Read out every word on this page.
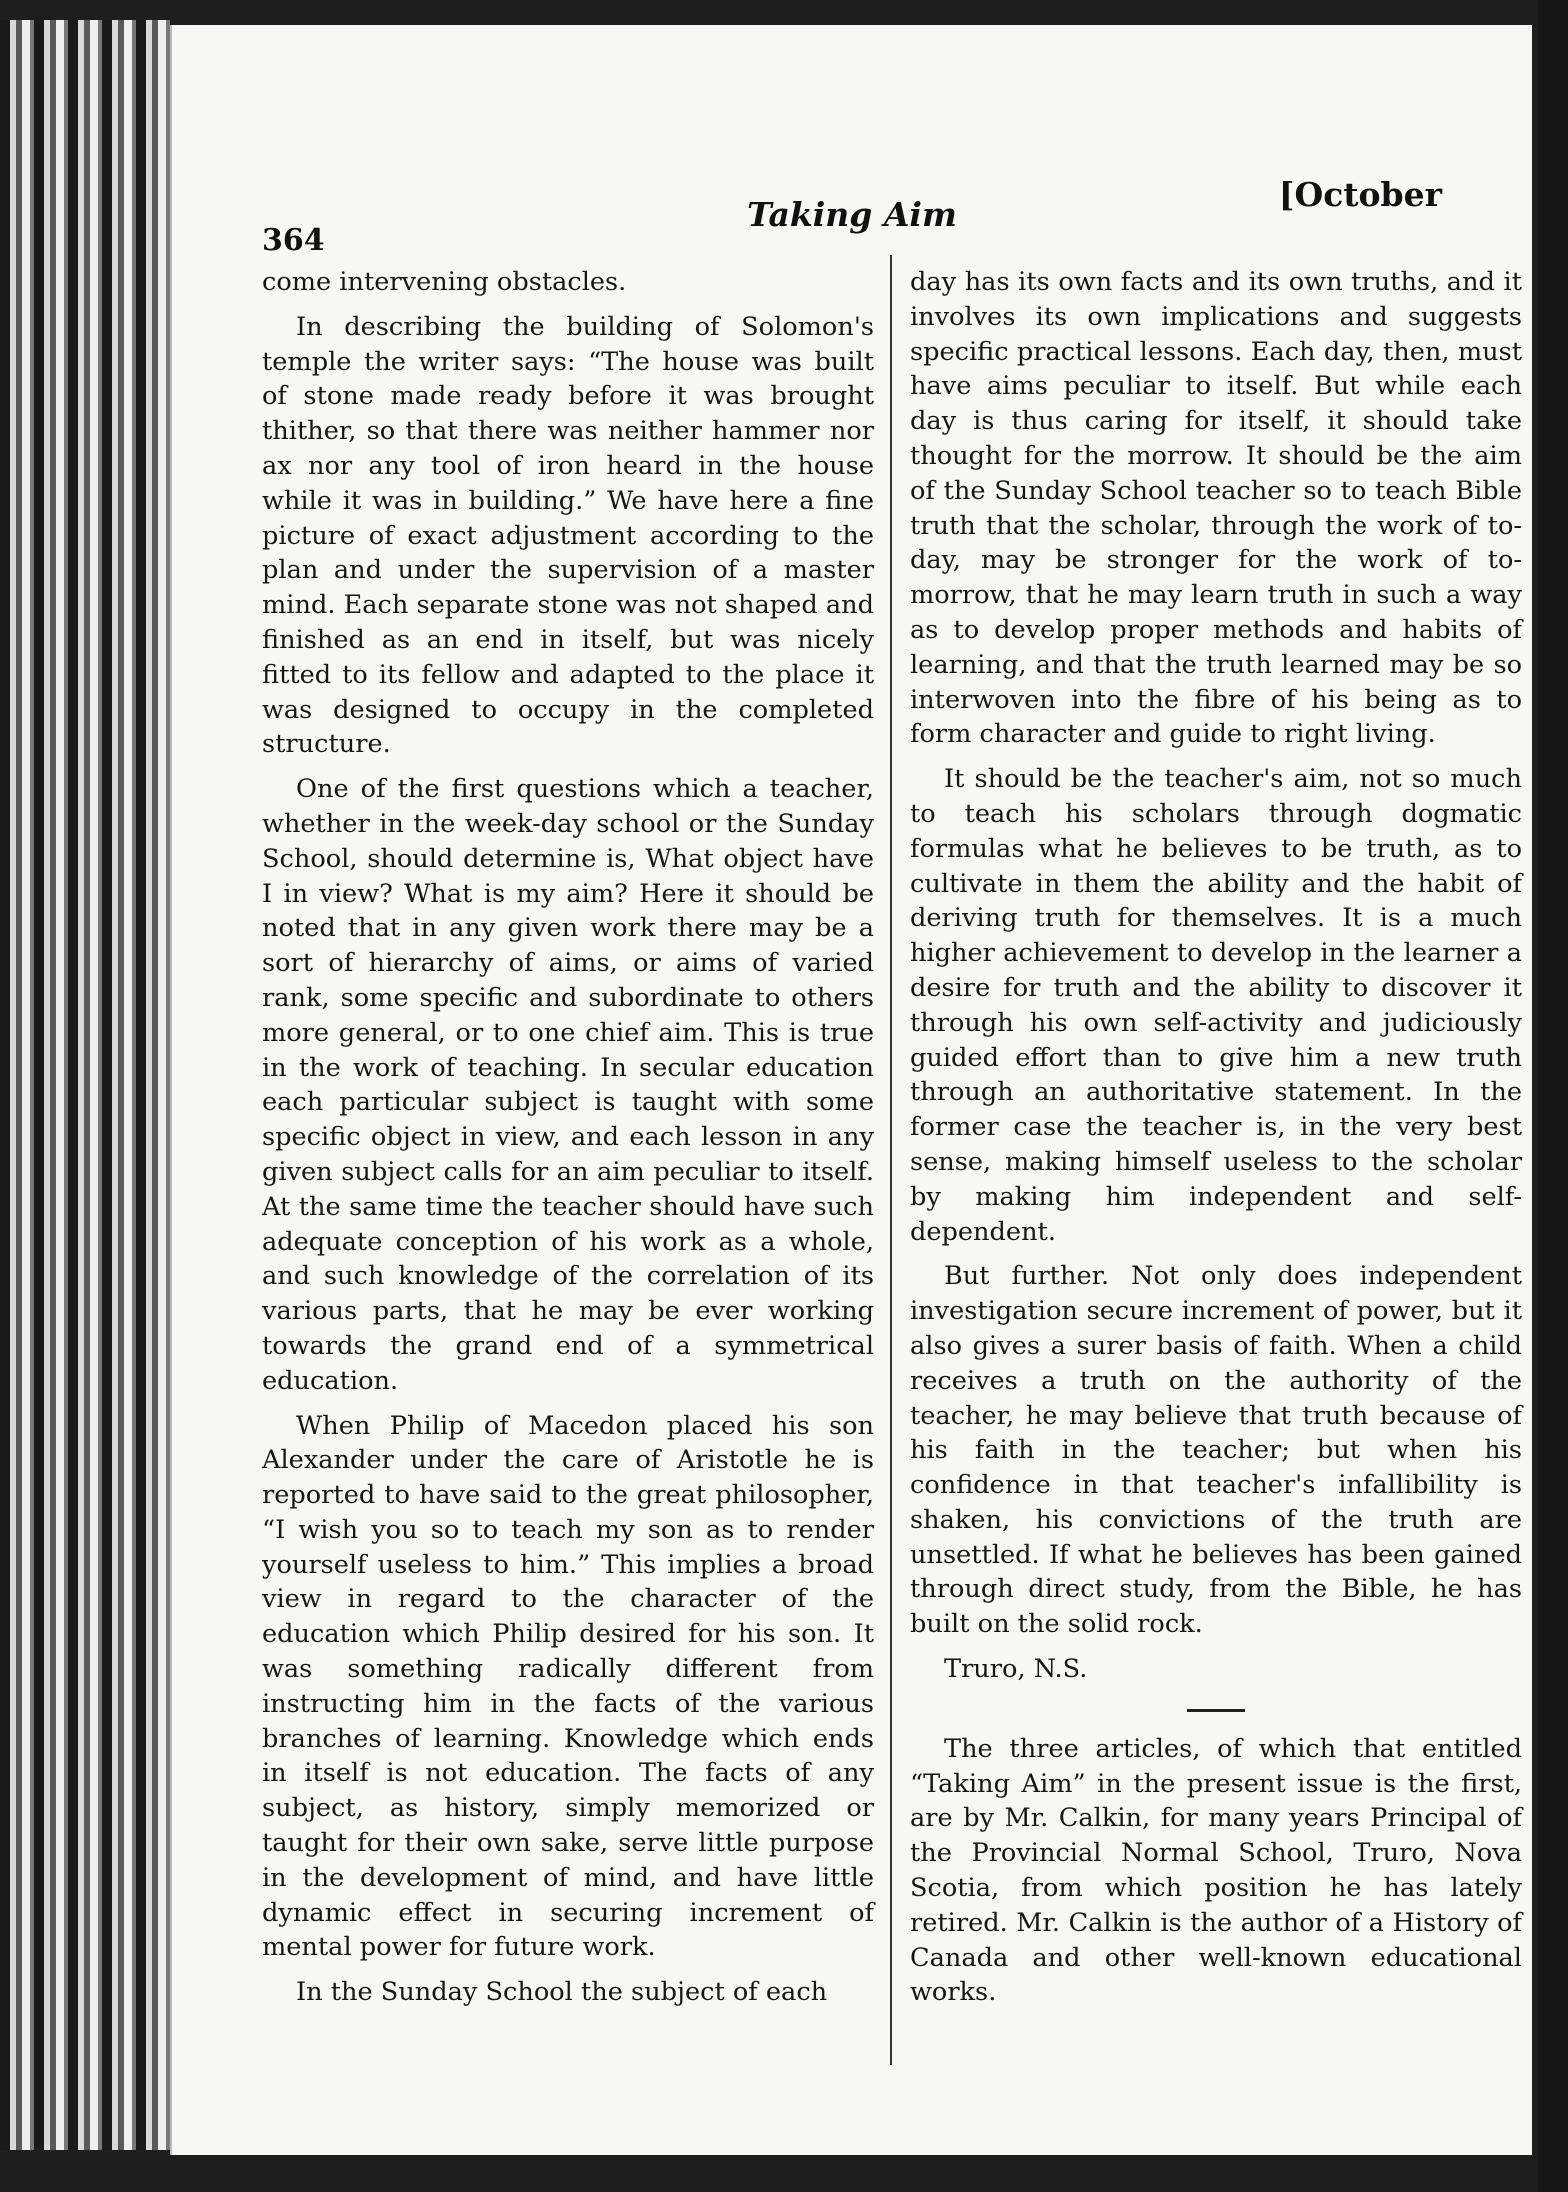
364
Taking Aim
[October

come intervening obstacles.

In describing the building of Solomon's temple the writer says: “The house was built of stone made ready before it was brought thither, so that there was neither hammer nor ax nor any tool of iron heard in the house while it was in building.” We have here a fine picture of exact adjustment according to the plan and under the supervision of a master mind. Each separate stone was not shaped and finished as an end in itself, but was nicely fitted to its fellow and adapted to the place it was designed to occupy in the completed structure.

One of the first questions which a teacher, whether in the week-day school or the Sunday School, should determine is, What object have I in view? What is my aim? Here it should be noted that in any given work there may be a sort of hierarchy of aims, or aims of varied rank, some specific and subordinate to others more general, or to one chief aim. This is true in the work of teaching. In secular education each particular subject is taught with some specific object in view, and each lesson in any given subject calls for an aim peculiar to itself. At the same time the teacher should have such adequate conception of his work as a whole, and such knowledge of the correlation of its various parts, that he may be ever working towards the grand end of a symmetrical education.

When Philip of Macedon placed his son Alexander under the care of Aristotle he is reported to have said to the great philosopher, “I wish you so to teach my son as to render yourself useless to him.” This implies a broad view in regard to the character of the education which Philip desired for his son. It was something radically different from instructing him in the facts of the various branches of learning. Knowledge which ends in itself is not education. The facts of any subject, as history, simply memorized or taught for their own sake, serve little purpose in the development of mind, and have little dynamic effect in securing increment of mental power for future work.

In the Sunday School the subject of each

day has its own facts and its own truths, and it involves its own implications and suggests specific practical lessons. Each day, then, must have aims peculiar to itself. But while each day is thus caring for itself, it should take thought for the morrow. It should be the aim of the Sunday School teacher so to teach Bible truth that the scholar, through the work of to-day, may be stronger for the work of to-morrow, that he may learn truth in such a way as to develop proper methods and habits of learning, and that the truth learned may be so interwoven into the fibre of his being as to form character and guide to right living.

It should be the teacher's aim, not so much to teach his scholars through dogmatic formulas what he believes to be truth, as to cultivate in them the ability and the habit of deriving truth for themselves. It is a much higher achievement to develop in the learner a desire for truth and the ability to discover it through his own self-activity and judiciously guided effort than to give him a new truth through an authoritative statement. In the former case the teacher is, in the very best sense, making himself useless to the scholar by making him independent and self-dependent.

But further. Not only does independent investigation secure increment of power, but it also gives a surer basis of faith. When a child receives a truth on the authority of the teacher, he may believe that truth because of his faith in the teacher; but when his confidence in that teacher's infallibility is shaken, his convictions of the truth are unsettled. If what he believes has been gained through direct study, from the Bible, he has built on the solid rock.

Truro, N.S.

The three articles, of which that entitled “Taking Aim” in the present issue is the first, are by Mr. Calkin, for many years Principal of the Provincial Normal School, Truro, Nova Scotia, from which position he has lately retired. Mr. Calkin is the author of a History of Canada and other well-known educational works.
